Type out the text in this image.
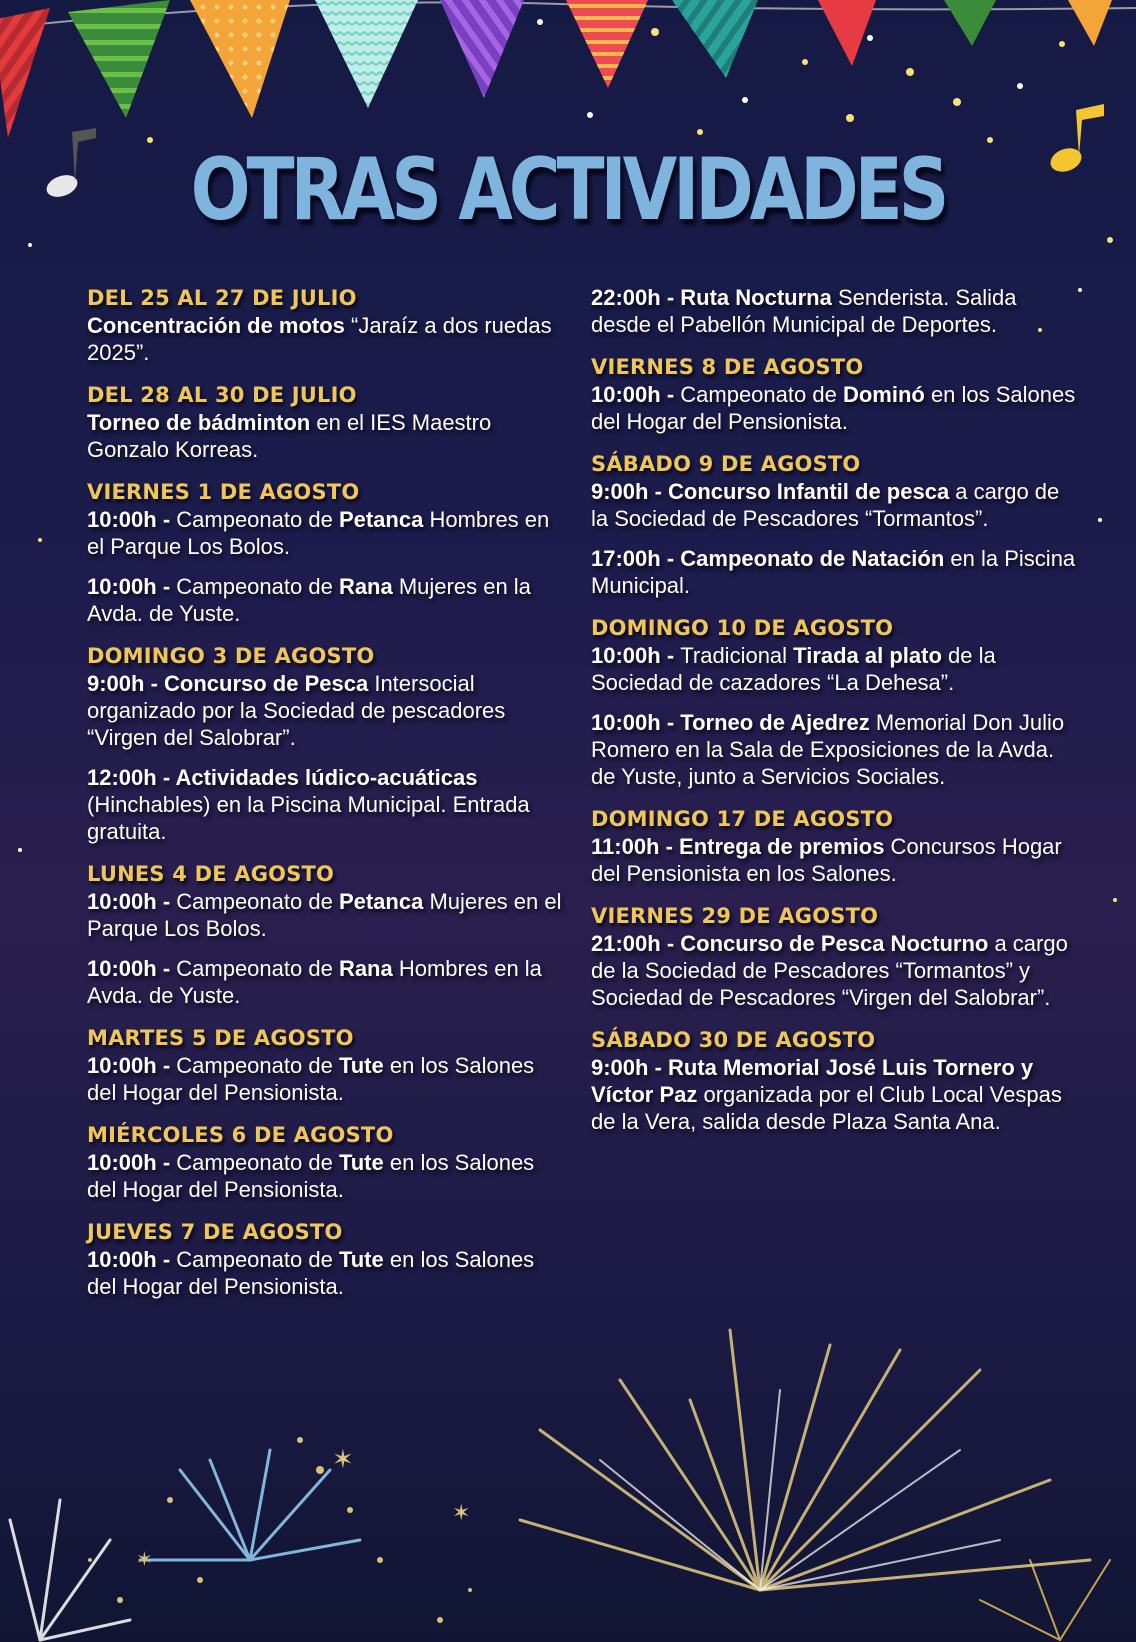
✶
✶
✶
OTRAS ACTIVIDADES
DEL 25 AL 27 DE JULIO
Concentración de motos “Jaraíz a dos ruedas 2025”.
DEL 28 AL 30 DE JULIO
Torneo de bádminton en el IES Maestro Gonzalo Korreas.
VIERNES 1 DE AGOSTO
10:00h - Campeonato de Petanca Hombres en el Parque Los Bolos.
10:00h - Campeonato de Rana Mujeres en la Avda. de Yuste.
DOMINGO 3 DE AGOSTO
9:00h - Concurso de Pesca Intersocial organizado por la Sociedad de pescadores “Virgen del Salobrar”.
12:00h - Actividades lúdico-acuáticas (Hinchables) en la Piscina Municipal. Entrada gratuita.
LUNES 4 DE AGOSTO
10:00h - Campeonato de Petanca Mujeres en el Parque Los Bolos.
10:00h - Campeonato de Rana Hombres en la Avda. de Yuste.
MARTES 5 DE AGOSTO
10:00h - Campeonato de Tute en los Salones del Hogar del Pensionista.
MIÉRCOLES 6 DE AGOSTO
10:00h - Campeonato de Tute en los Salones del Hogar del Pensionista.
JUEVES 7 DE AGOSTO
10:00h - Campeonato de Tute en los Salones del Hogar del Pensionista.
22:00h - Ruta Nocturna Senderista. Salida desde el Pabellón Municipal de Deportes.
VIERNES 8 DE AGOSTO
10:00h - Campeonato de Dominó en los Salones del Hogar del Pensionista.
SÁBADO 9 DE AGOSTO
9:00h - Concurso Infantil de pesca a cargo de la Sociedad de Pescadores “Tormantos”.
17:00h - Campeonato de Natación en la Piscina Municipal.
DOMINGO 10 DE AGOSTO
10:00h - Tradicional Tirada al plato de la Sociedad de cazadores “La Dehesa”.
10:00h - Torneo de Ajedrez Memorial Don Julio Romero en la Sala de Exposiciones de la Avda. de Yuste, junto a Servicios Sociales.
DOMINGO 17 DE AGOSTO
11:00h - Entrega de premios Concursos Hogar del Pensionista en los Salones.
VIERNES 29 DE AGOSTO
21:00h - Concurso de Pesca Nocturno a cargo de la Sociedad de Pescadores “Tormantos” y Sociedad de Pescadores “Virgen del Salobrar”.
SÁBADO 30 DE AGOSTO
9:00h - Ruta Memorial José Luis Tornero y Víctor Paz organizada por el Club Local Vespas de la Vera, salida desde Plaza Santa Ana.
